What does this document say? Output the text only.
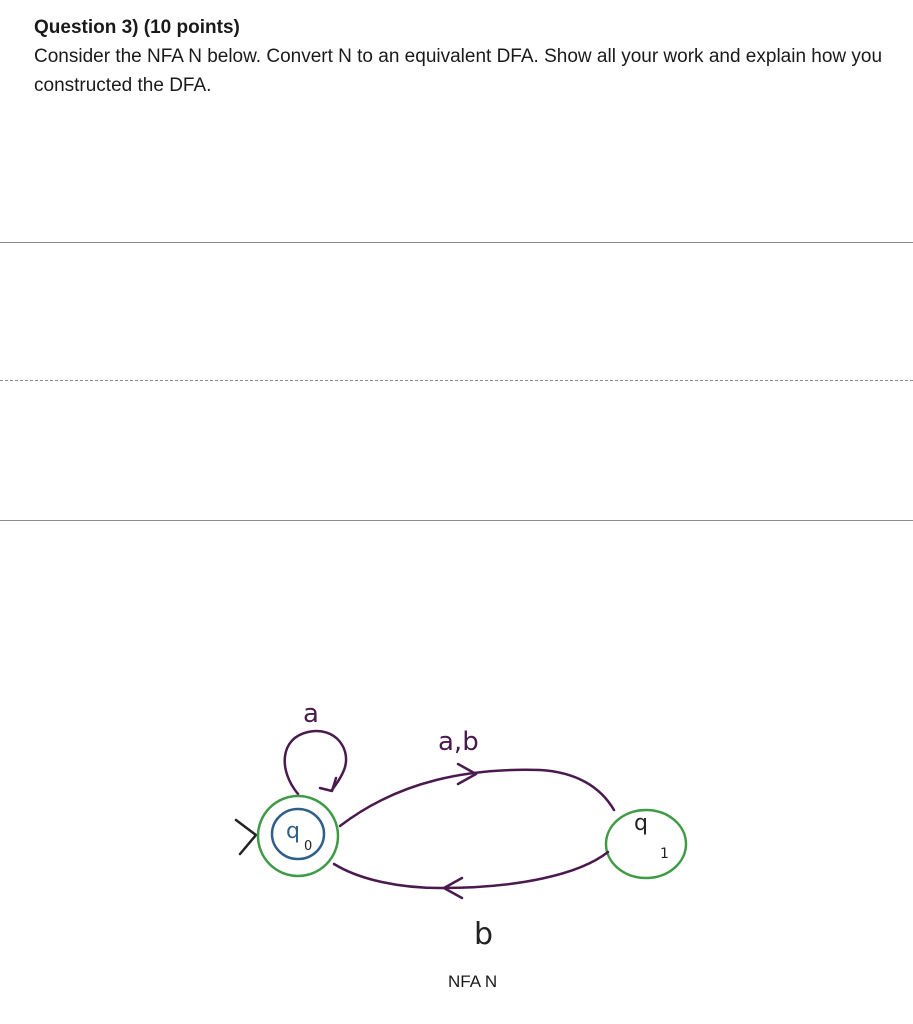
Question 3) (10 points)
Consider the NFA N below. Convert N to an equivalent DFA. Show all your work and explain how you constructed the DFA.
a
q
0
q
1
a,b
b
NFA N
